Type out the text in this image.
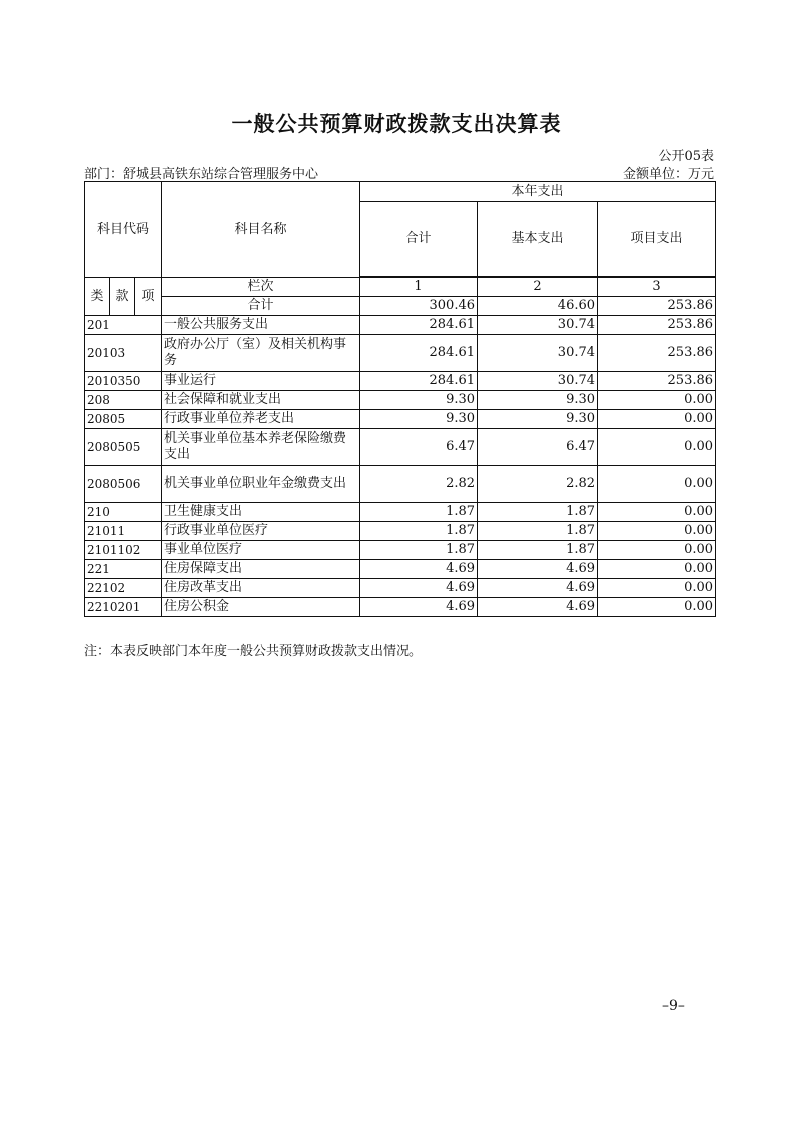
一般公共预算财政拨款支出决算表
公开05表
部门：舒城县高铁东站综合管理服务中心	金额单位：万元
科目代码			科目名称	本年支出		
				合计	基本支出	项目支出

类	款	项	栏次	1	2	3
			合计	300.46	46.60	253.86
201			一般公共服务支出	284.61	30.74	253.86
20103			政府办公厅（室）及相关机构事务	284.61	30.74	253.86
2010350			事业运行	284.61	30.74	253.86
208			社会保障和就业支出	9.30	9.30	0.00
20805			行政事业单位养老支出	9.30	9.30	0.00
2080505			机关事业单位基本养老保险缴费支出	6.47	6.47	0.00
2080506			机关事业单位职业年金缴费支出	2.82	2.82	0.00
210			卫生健康支出	1.87	1.87	0.00
21011			行政事业单位医疗	1.87	1.87	0.00
2101102			事业单位医疗	1.87	1.87	0.00
221			住房保障支出	4.69	4.69	0.00
22102			住房改革支出	4.69	4.69	0.00
2210201			住房公积金	4.69	4.69	0.00
注：本表反映部门本年度一般公共预算财政拨款支出情况。
–9–
